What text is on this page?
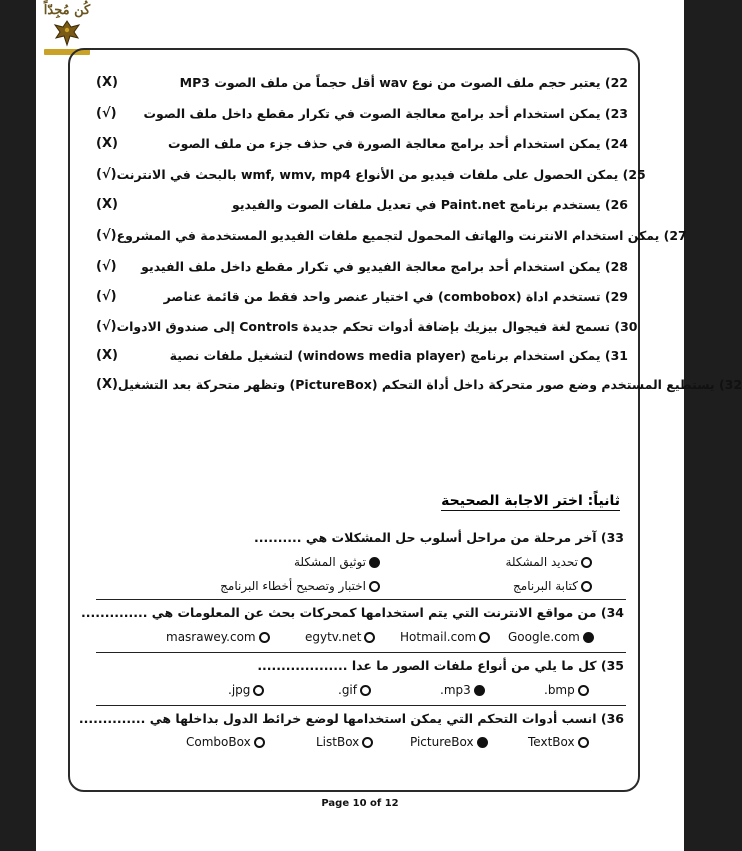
كُن مُجِدّاً
(X)	22) يعتبر حجم ملف الصوت من نوع wav أقل حجماً من ملف الصوت MP3
(√)	23) يمكن استخدام أحد برامج معالجة الصوت في تكرار مقطع داخل ملف الصوت
(X)	24) يمكن استخدام أحد برامج معالجة الصورة في حذف جزء من ملف الصوت
(√) 25) يمكن الحصول على ملفات فيديو من الأنواع wmf, wmv, mp4 بالبحث في الانترنت
(X)	26) يستخدم برنامج Paint.net في تعديل ملفات الصوت والفيديو
(√) 27) يمكن استخدام الانترنت والهاتف المحمول لتجميع ملفات الفيديو المستخدمة في المشروع
(√)	28) يمكن استخدام أحد برامج معالجة الفيديو في تكرار مقطع داخل ملف الفيديو
(√)	29) تستخدم اداة (combobox) في اختيار عنصر واحد فقط من قائمة عناصر
(√) 30) تسمح لغة فيجوال بيزيك بإضافة أدوات تحكم جديدة Controls إلى صندوق الادوات
(X)	31) يمكن استخدام برنامج (windows media player) لتشغيل ملفات نصية
(X) 32) يستطيع المستخدم وضع صور متحركة داخل أداة التحكم (PictureBox) وتظهر متحركة بعد التشغيل
ثانياً: اختر الاجابة الصحيحة
33) آخر مرحلة من مراحل أسلوب حل المشكلات هي ..........
تحديد المشكلة
توثيق المشكلة
كتابة البرنامج
اختبار وتصحيح أخطاء البرنامج
34) من مواقع الانترنت التي يتم استخدامها كمحركات بحث عن المعلومات هي ..............
Google.com
Hotmail.com
egytv.net
masrawey.com
35) كل ما يلي من أنواع ملفات الصور ما عدا ...................
.bmp
.mp3
.gif
.jpg
36) انسب أدوات التحكم التي يمكن استخدامها لوضع خرائط الدول بداخلها هي ..............
TextBox
PictureBox
ListBox
ComboBox
Page 10 of 12
